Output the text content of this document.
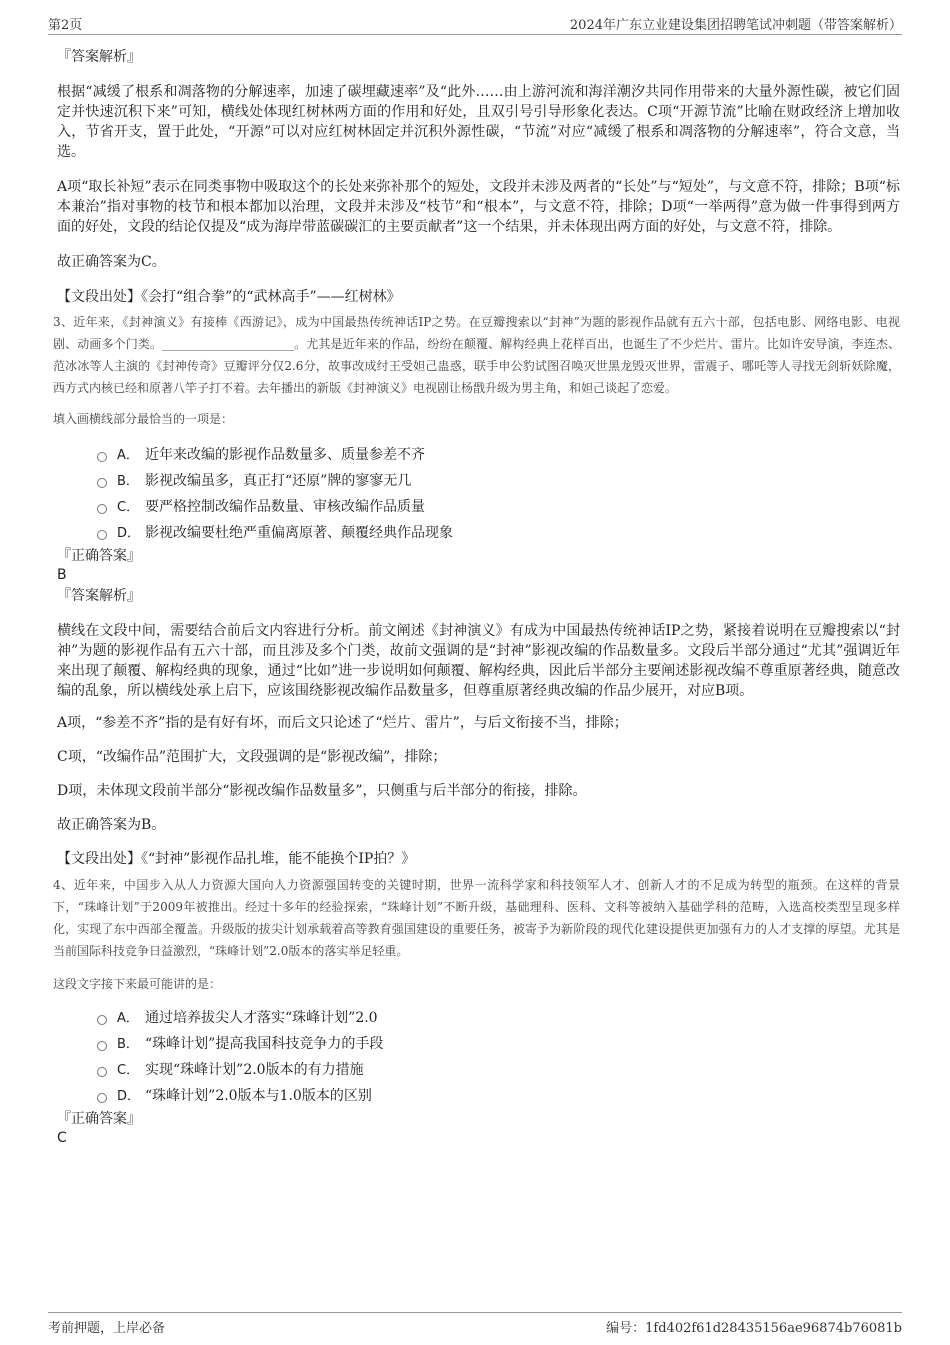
第2页	2024年广东立业建设集团招聘笔试冲刺题（带答案解析）

『答案解析』

根据“减缓了根系和凋落物的分解速率，加速了碳埋藏速率”及“此外……由上游河流和海洋潮汐共同作用带来的大量外源性碳，被它们固定并快速沉积下来”可知，横线处体现红树林两方面的作用和好处，且双引号引导形象化表达。C项“开源节流”比喻在财政经济上增加收入，节省开支，置于此处，“开源”可以对应红树林固定并沉积外源性碳，“节流”对应“减缓了根系和凋落物的分解速率”，符合文意，当选。

A项“取长补短”表示在同类事物中吸取这个的长处来弥补那个的短处，文段并未涉及两者的“长处”与“短处”，与文意不符，排除；B项“标本兼治”指对事物的枝节和根本都加以治理，文段并未涉及“枝节”和“根本”，与文意不符，排除；D项“一举两得”意为做一件事得到两方面的好处，文段的结论仅提及“成为海岸带蓝碳碳汇的主要贡献者”这一个结果，并未体现出两方面的好处，与文意不符，排除。

故正确答案为C。

【文段出处】《会打“组合拳”的“武林高手”——红树林》

3、近年来，《封神演义》有接棒《西游记》，成为中国最热传统神话IP之势。在豆瓣搜索以“封神”为题的影视作品就有五六十部，包括电影、网络电影、电视剧、动画多个门类。______________________。尤其是近年来的作品，纷纷在颠覆、解构经典上花样百出，也诞生了不少烂片、雷片。比如许安导演，李连杰、范冰冰等人主演的《封神传奇》豆瓣评分仅2.6分，故事改成纣王受妲己蛊惑，联手申公豹试图召唤灭世黑龙毁灭世界，雷震子、哪吒等人寻找无剑斩妖除魔，西方式内核已经和原著八竿子打不着。去年播出的新版《封神演义》电视剧让杨戬升级为男主角，和妲己谈起了恋爱。

填入画横线部分最恰当的一项是：

A． 近年来改编的影视作品数量多、质量参差不齐
B． 影视改编虽多，真正打“还原”牌的寥寥无几
C． 要严格控制改编作品数量、审核改编作品质量
D． 影视改编要杜绝严重偏离原著、颠覆经典作品现象

『正确答案』

B

『答案解析』

横线在文段中间，需要结合前后文内容进行分析。前文阐述《封神演义》有成为中国最热传统神话IP之势，紧接着说明在豆瓣搜索以“封神”为题的影视作品有五六十部，而且涉及多个门类，故前文强调的是“封神”影视改编的作品数量多。文段后半部分通过“尤其”强调近年来出现了颠覆、解构经典的现象，通过“比如”进一步说明如何颠覆、解构经典，因此后半部分主要阐述影视改编不尊重原著经典，随意改编的乱象，所以横线处承上启下，应该围绕影视改编作品数量多，但尊重原著经典改编的作品少展开，对应B项。

A项，“参差不齐”指的是有好有坏，而后文只论述了“烂片、雷片”，与后文衔接不当，排除；

C项，“改编作品”范围扩大，文段强调的是“影视改编”，排除；

D项，未体现文段前半部分“影视改编作品数量多”，只侧重与后半部分的衔接，排除。

故正确答案为B。

【文段出处】《“封神”影视作品扎堆，能不能换个IP拍？》

4、近年来，中国步入从人力资源大国向人力资源强国转变的关键时期，世界一流科学家和科技领军人才、创新人才的不足成为转型的瓶颈。在这样的背景下，“珠峰计划”于2009年被推出。经过十多年的经验探索，“珠峰计划”不断升级，基础理科、医科、文科等被纳入基础学科的范畴，入选高校类型呈现多样化，实现了东中西部全覆盖。升级版的拔尖计划承载着高等教育强国建设的重要任务，被寄予为新阶段的现代化建设提供更加强有力的人才支撑的厚望。尤其是当前国际科技竞争日益激烈，“珠峰计划”2.0版本的落实举足轻重。

这段文字接下来最可能讲的是：

A． 通过培养拔尖人才落实“珠峰计划”2.0
B． “珠峰计划”提高我国科技竞争力的手段
C． 实现“珠峰计划”2.0版本的有力措施
D． “珠峰计划”2.0版本与1.0版本的区别

『正确答案』

C

考前押题，上岸必备	编号：1fd402f61d28435156ae96874b76081b
